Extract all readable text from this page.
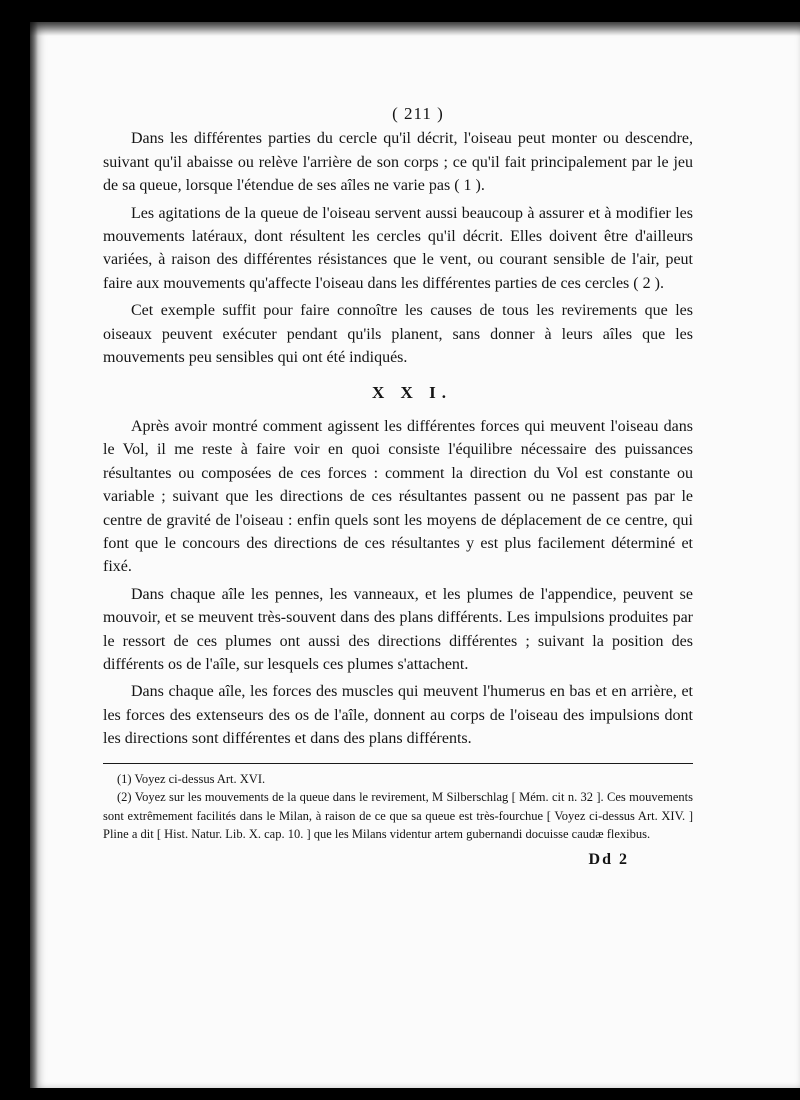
( 211 )

Dans les différentes parties du cercle qu'il décrit, l'oiseau peut monter ou descendre, suivant qu'il abaisse ou relève l'arrière de son corps ; ce qu'il fait principalement par le jeu de sa queue, lorsque l'étendue de ses aîles ne varie pas ( 1 ).

Les agitations de la queue de l'oiseau servent aussi beaucoup à assurer et à modifier les mouvements latéraux, dont résultent les cercles qu'il décrit. Elles doivent être d'ailleurs variées, à raison des différentes résistances que le vent, ou courant sensible de l'air, peut faire aux mouvements qu'affecte l'oiseau dans les différentes parties de ces cercles ( 2 ).

Cet exemple suffit pour faire connoître les causes de tous les revirements que les oiseaux peuvent exécuter pendant qu'ils planent, sans donner à leurs aîles que les mouvements peu sensibles qui ont été indiqués.

X X I.

Après avoir montré comment agissent les différentes forces qui meuvent l'oiseau dans le Vol, il me reste à faire voir en quoi consiste l'équilibre nécessaire des puissances résultantes ou composées de ces forces : comment la direction du Vol est constante ou variable ; suivant que les directions de ces résultantes passent ou ne passent pas par le centre de gravité de l'oiseau : enfin quels sont les moyens de déplacement de ce centre, qui font que le concours des directions de ces résultantes y est plus facilement déterminé et fixé.

Dans chaque aîle les pennes, les vanneaux, et les plumes de l'appendice, peuvent se mouvoir, et se meuvent très-souvent dans des plans différents. Les impulsions produites par le ressort de ces plumes ont aussi des directions différentes ; suivant la position des différents os de l'aîle, sur lesquels ces plumes s'attachent.

Dans chaque aîle, les forces des muscles qui meuvent l'humerus en bas et en arrière, et les forces des extenseurs des os de l'aîle, donnent au corps de l'oiseau des impulsions dont les directions sont différentes et dans des plans différents.

(1) Voyez ci-dessus Art. XVI.

(2) Voyez sur les mouvements de la queue dans le revirement, M Silberschlag [ Mém. cit n. 32 ]. Ces mouvements sont extrêmement facilités dans le Milan, à raison de ce que sa queue est très-fourchue [ Voyez ci-dessus Art. XIV. ] Pline a dit [ Hist. Natur. Lib. X. cap. 10. ] que les Milans videntur artem gubernandi docuisse caudæ flexibus.

Dd 2
